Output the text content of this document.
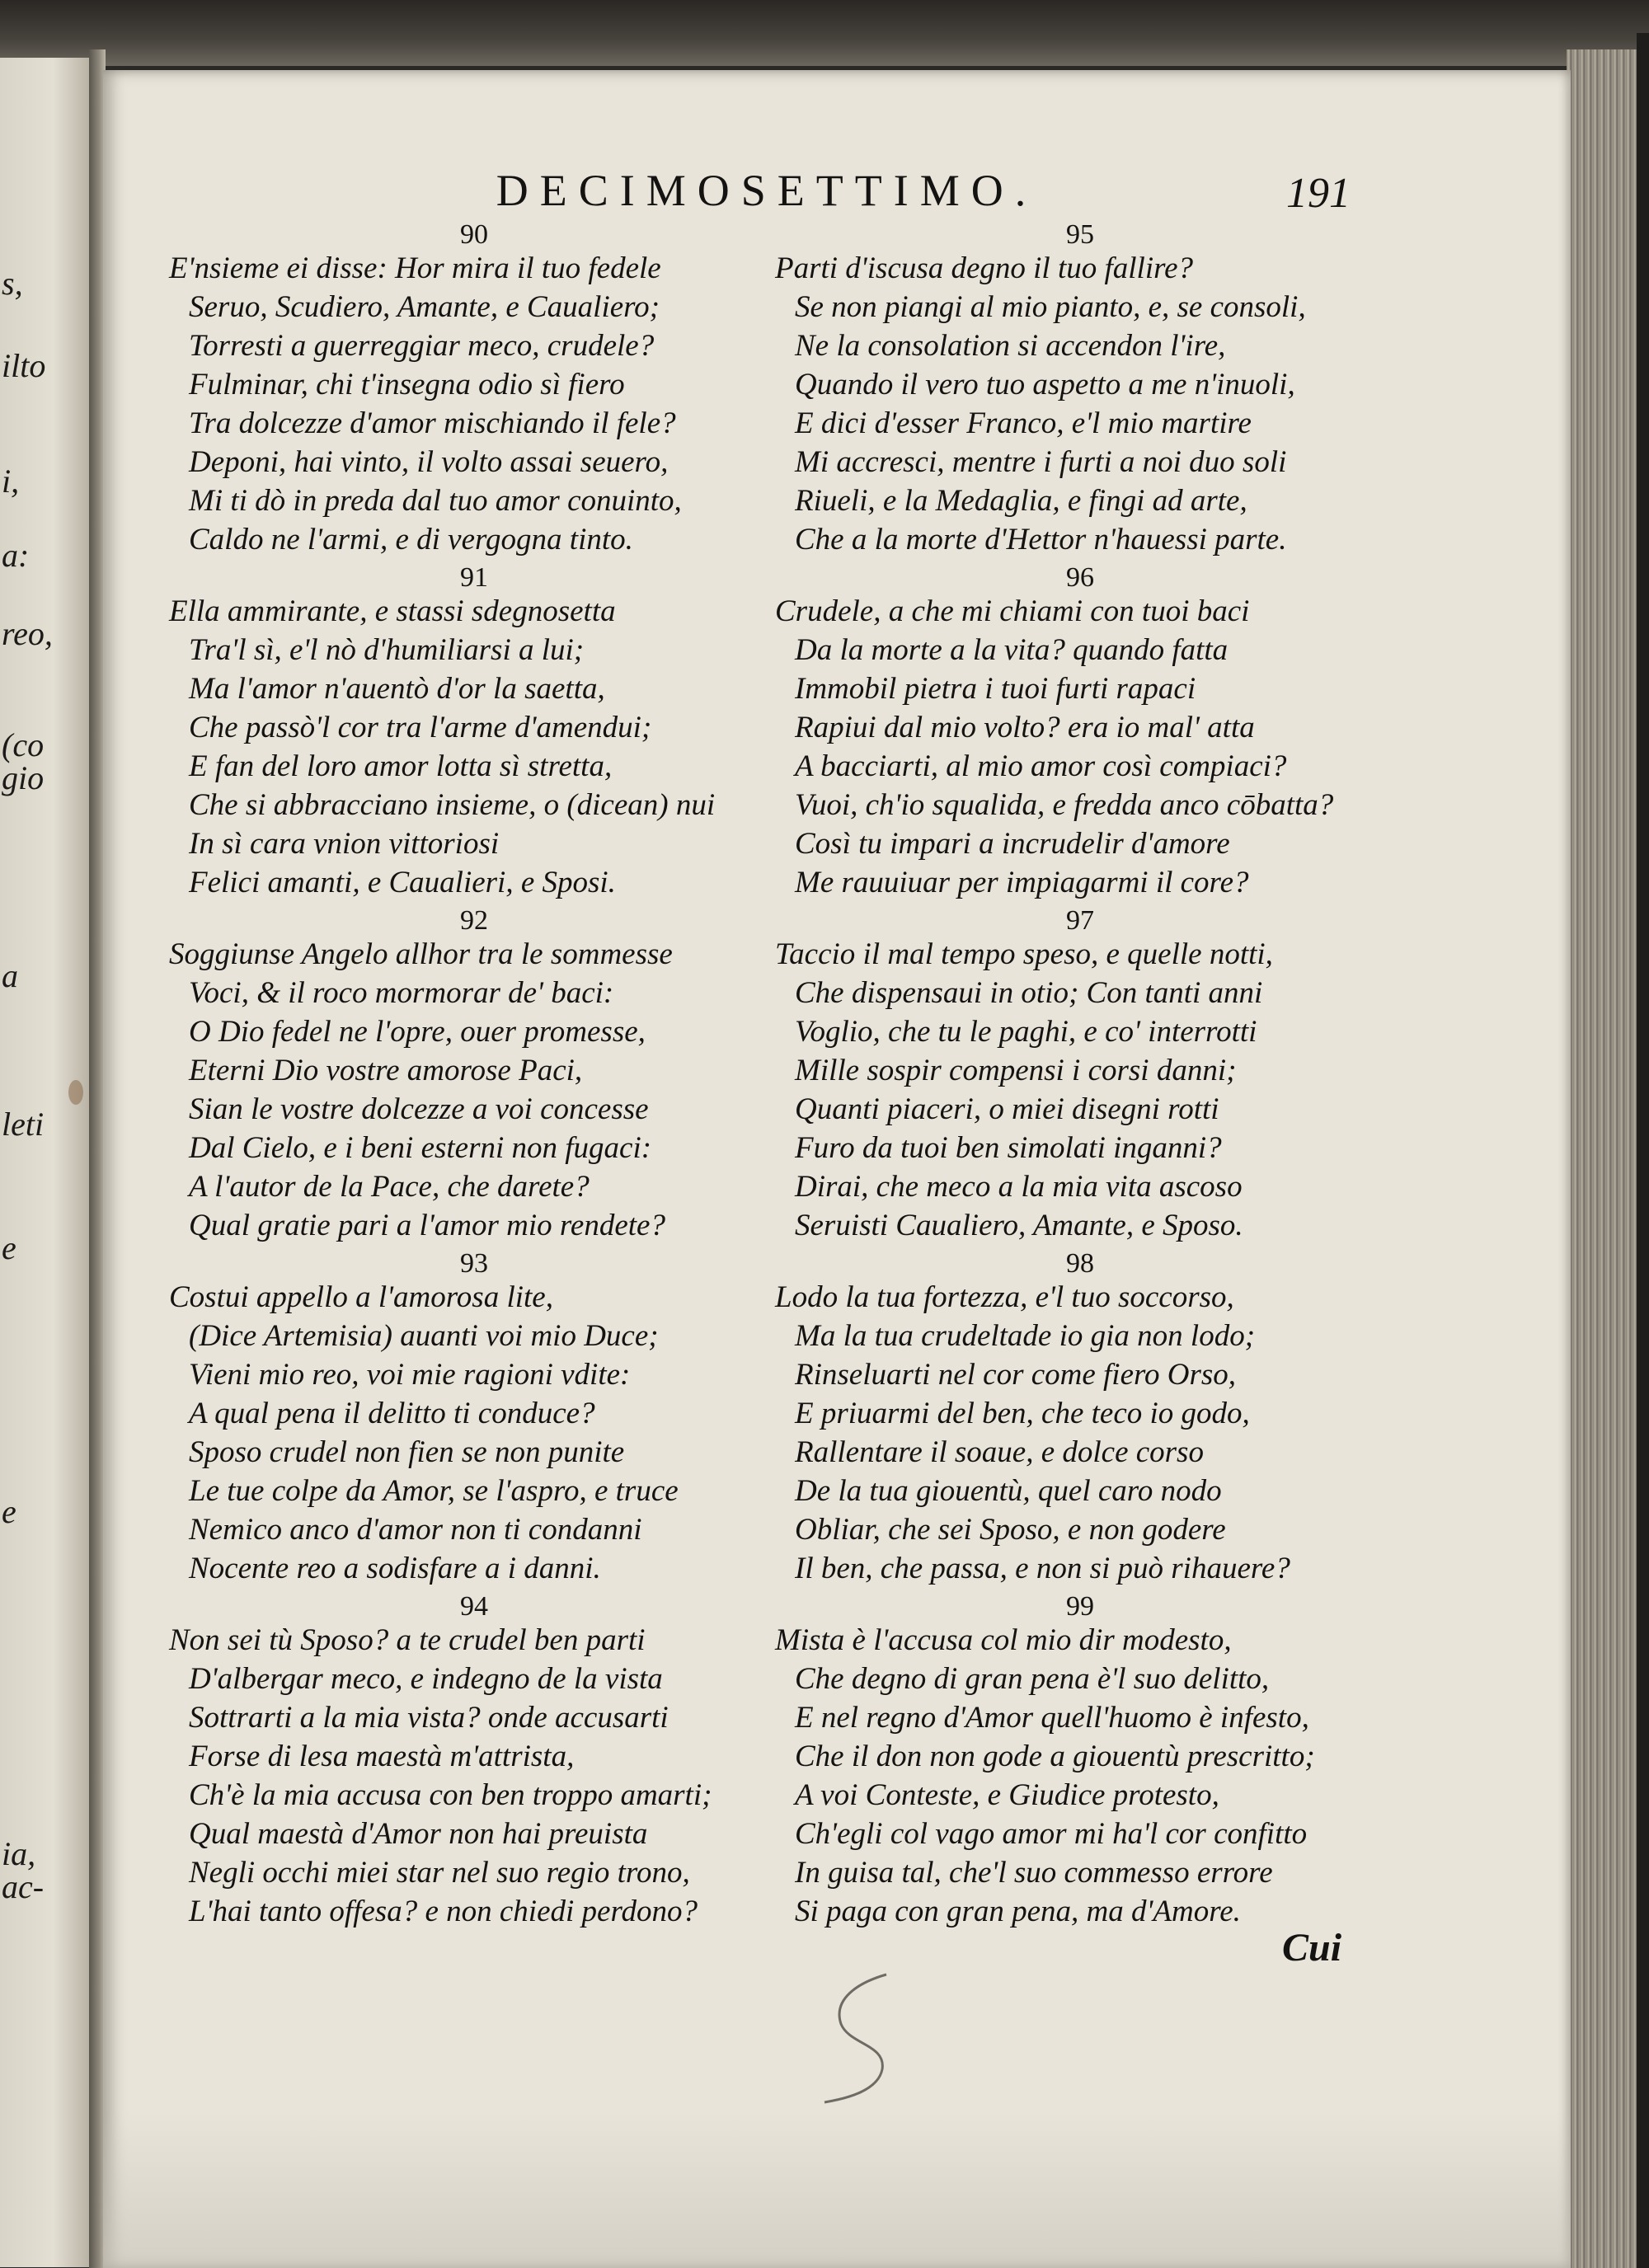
s,
ilto
i,
a:
reo,
(co
gio
a
leti
e
e
ia,
ac-
DECIMOSETTIMO.	191
90
E'nsieme ei disse: Hor mira il tuo fedele
Seruo, Scudiero, Amante, e Caualiero;
Torresti a guerreggiar meco, crudele?
Fulminar, chi t'insegna odio sì fiero
Tra dolcezze d'amor mischiando il fele?
Deponi, hai vinto, il volto assai seuero,
Mi ti dò in preda dal tuo amor conuinto,
Caldo ne l'armi, e di vergogna tinto.
91
Ella ammirante, e stassi sdegnosetta
Tra'l sì, e'l nò d'humiliarsi a lui;
Ma l'amor n'auentò d'or la saetta,
Che passò'l cor tra l'arme d'amendui;
E fan del loro amor lotta sì stretta,
Che si abbracciano insieme, o (dicean) nui
In sì cara vnion vittoriosi
Felici amanti, e Caualieri, e Sposi.
92
Soggiunse Angelo allhor tra le sommesse
Voci, & il roco mormorar de' baci:
O Dio fedel ne l'opre, ouer promesse,
Eterni Dio vostre amorose Paci,
Sian le vostre dolcezze a voi concesse
Dal Cielo, e i beni esterni non fugaci:
A l'autor de la Pace, che darete?
Qual gratie pari a l'amor mio rendete?
93
Costui appello a l'amorosa lite,
(Dice Artemisia) auanti voi mio Duce;
Vieni mio reo, voi mie ragioni vdite:
A qual pena il delitto ti conduce?
Sposo crudel non fien se non punite
Le tue colpe da Amor, se l'aspro, e truce
Nemico anco d'amor non ti condanni
Nocente reo a sodisfare a i danni.
94
Non sei tù Sposo? a te crudel ben parti
D'albergar meco, e indegno de la vista
Sottrarti a la mia vista? onde accusarti
Forse di lesa maestà m'attrista,
Ch'è la mia accusa con ben troppo amarti;
Qual maestà d'Amor non hai preuista
Negli occhi miei star nel suo regio trono,
L'hai tanto offesa? e non chiedi perdono?
95
Parti d'iscusa degno il tuo fallire?
Se non piangi al mio pianto, e, se consoli,
Ne la consolation si accendon l'ire,
Quando il vero tuo aspetto a me n'inuoli,
E dici d'esser Franco, e'l mio martire
Mi accresci, mentre i furti a noi duo soli
Riueli, e la Medaglia, e fingi ad arte,
Che a la morte d'Hettor n'hauessi parte.
96
Crudele, a che mi chiami con tuoi baci
Da la morte a la vita? quando fatta
Immobil pietra i tuoi furti rapaci
Rapiui dal mio volto? era io mal' atta
A bacciarti, al mio amor così compiaci?
Vuoi, ch'io squalida, e fredda anco cōbatta?
Così tu impari a incrudelir d'amore
Me rauuiuar per impiagarmi il core?
97
Taccio il mal tempo speso, e quelle notti,
Che dispensaui in otio; Con tanti anni
Voglio, che tu le paghi, e co' interrotti
Mille sospir compensi i corsi danni;
Quanti piaceri, o miei disegni rotti
Furo da tuoi ben simolati inganni?
Dirai, che meco a la mia vita ascoso
Seruisti Caualiero, Amante, e Sposo.
98
Lodo la tua fortezza, e'l tuo soccorso,
Ma la tua crudeltade io gia non lodo;
Rinseluarti nel cor come fiero Orso,
E priuarmi del ben, che teco io godo,
Rallentare il soaue, e dolce corso
De la tua giouentù, quel caro nodo
Obliar, che sei Sposo, e non godere
Il ben, che passa, e non si può rihauere?
99
Mista è l'accusa col mio dir modesto,
Che degno di gran pena è'l suo delitto,
E nel regno d'Amor quell'huomo è infesto,
Che il don non gode a giouentù prescritto;
A voi Conteste, e Giudice protesto,
Ch'egli col vago amor mi ha'l cor confitto
In guisa tal, che'l suo commesso errore
Si paga con gran pena, ma d'Amore.
Cui
